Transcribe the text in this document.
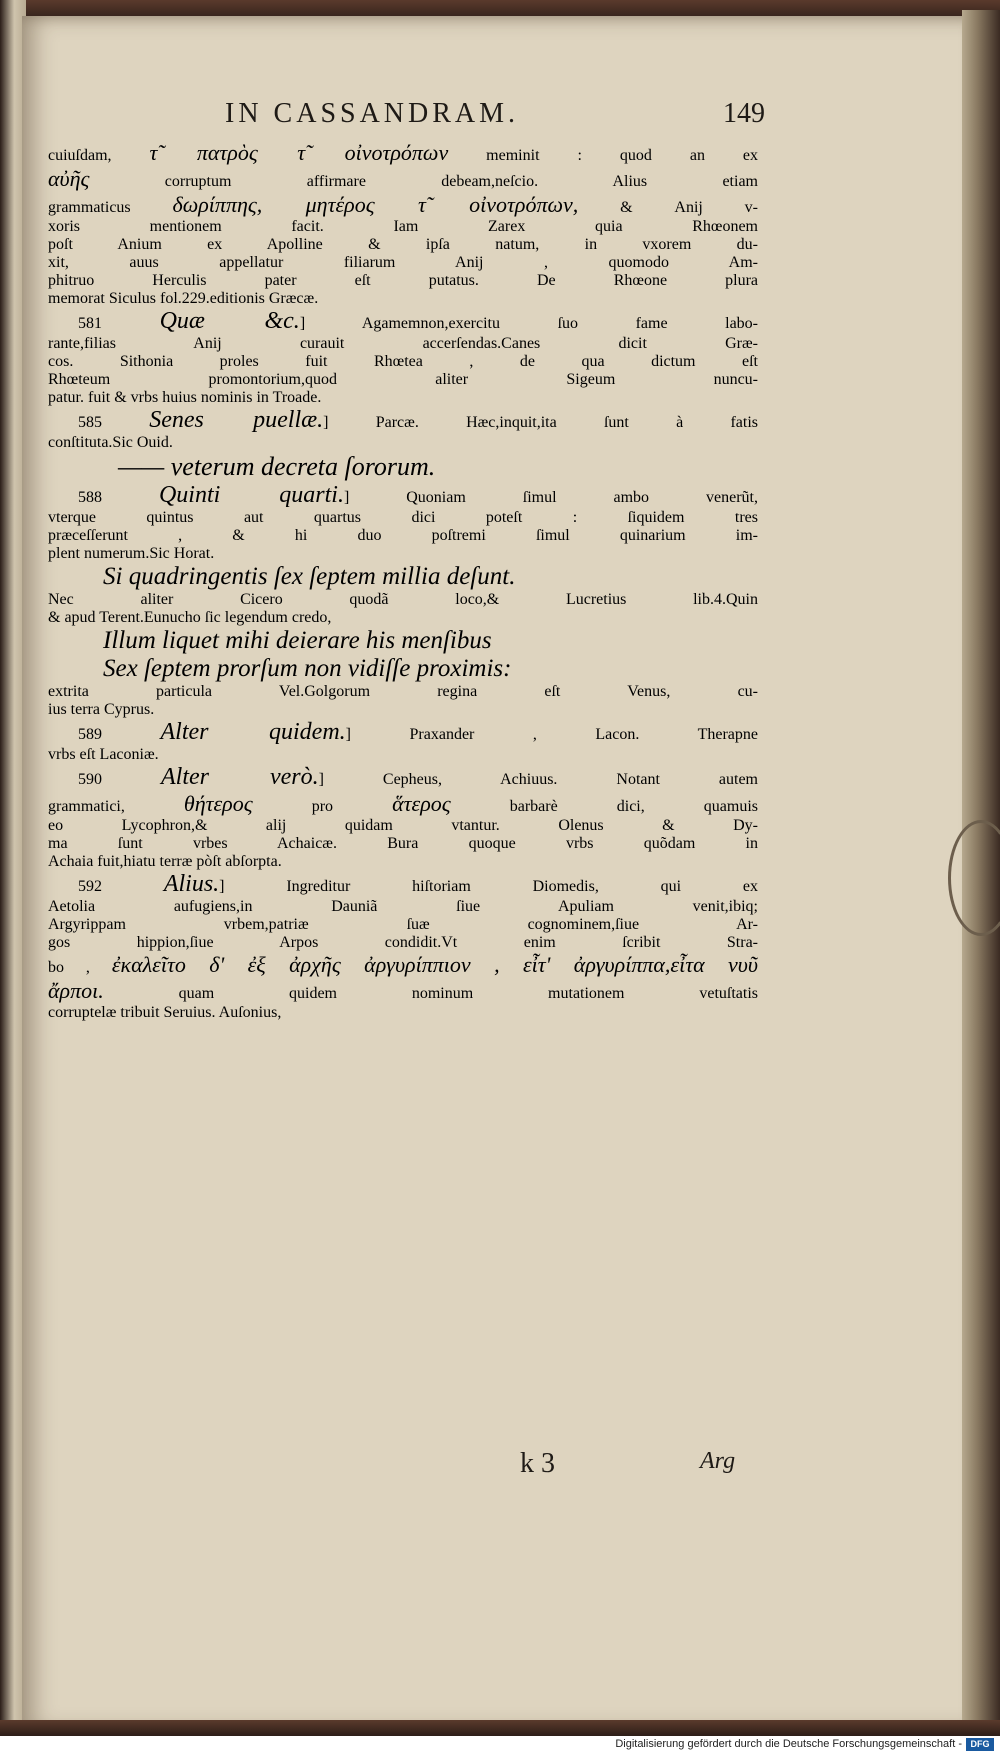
IN CASSANDRAM.	149
cuiuſdam, τ̃ πατρὸς τ̃ οἰνοτρόπων meminit : quod an ex
αὐῆς corruptum affirmare debeam,neſcio. Alius etiam
grammaticus δωρίππης, μητέρος τ̃ οἰνοτρόπων, & Anij v-
xoris mentionem facit. Iam Zarex quia Rhœonem
poſt Anium ex Apolline & ipſa natum, in vxorem du-
xit, auus appellatur filiarum Anij , quomodo Am-
phitruo Herculis pater eſt putatus. De Rhœone plura
memorat Siculus fol.229.editionis Græcæ.
581 Quæ &c.] Agamemnon,exercitu ſuo fame labo-
rante,filias Anij curauit accerſendas.Canes dicit Græ-
cos. Sithonia proles fuit Rhœtea , de qua dictum eſt
Rhœteum promontorium,quod aliter Sigeum nuncu-
patur. fuit & vrbs huius nominis in Troade.
585 Senes puellæ.] Parcæ. Hæc,inquit,ita ſunt à fatis
conſtituta.Sic Ouid.
—— veterum decreta ſororum.
588 Quinti quarti.] Quoniam ſimul ambo venerũt,
vterque quintus aut quartus dici poteſt : ſiquidem tres
præceſſerunt , & hi duo poſtremi ſimul quinarium im-
plent numerum.Sic Horat.
Si quadringentis ſex ſeptem millia deſunt.
Nec aliter Cicero quodã loco,& Lucretius lib.4.Quin
& apud Terent.Eunucho ſic legendum credo,
Illum liquet mihi deierare his menſibus
Sex ſeptem prorſum non vidiſſe proximis:
extrita particula Vel.Golgorum regina eſt Venus, cu-
ius terra Cyprus.
589 Alter quidem.] Praxander , Lacon. Therapne
vrbs eſt Laconiæ.
590 Alter verò.] Cepheus, Achiuus. Notant autem
grammatici, θήτερος pro ἅτερος barbarè dici, quamuis
eo Lycophron,& alij quidam vtantur. Olenus & Dy-
ma ſunt vrbes Achaicæ. Bura quoque vrbs quõdam in
Achaia fuit,hiatu terræ pòſt abſorpta.
592 Alius.] Ingreditur hiſtoriam Diomedis, qui ex
Aetolia aufugiens,in Dauniã ſiue Apuliam venit,ibiq;
Argyrippam vrbem,patriæ ſuæ cognominem,ſiue Ar-
gos hippion,ſiue Arpos condidit.Vt enim ſcribit Stra-
bo , ἐκαλεῖτο δ' ἐξ ἀρχῆς ἀργυρίππιον , εἶτ' ἀργυρίππα,εἶτα νυῦ
ἄρποι. quam quidem nominum mutationem vetuſtatis
corruptelæ tribuit Seruius. Auſonius,
k 3	Arg
Digitalisierung gefördert durch die Deutsche Forschungsgemeinschaft - DFG
